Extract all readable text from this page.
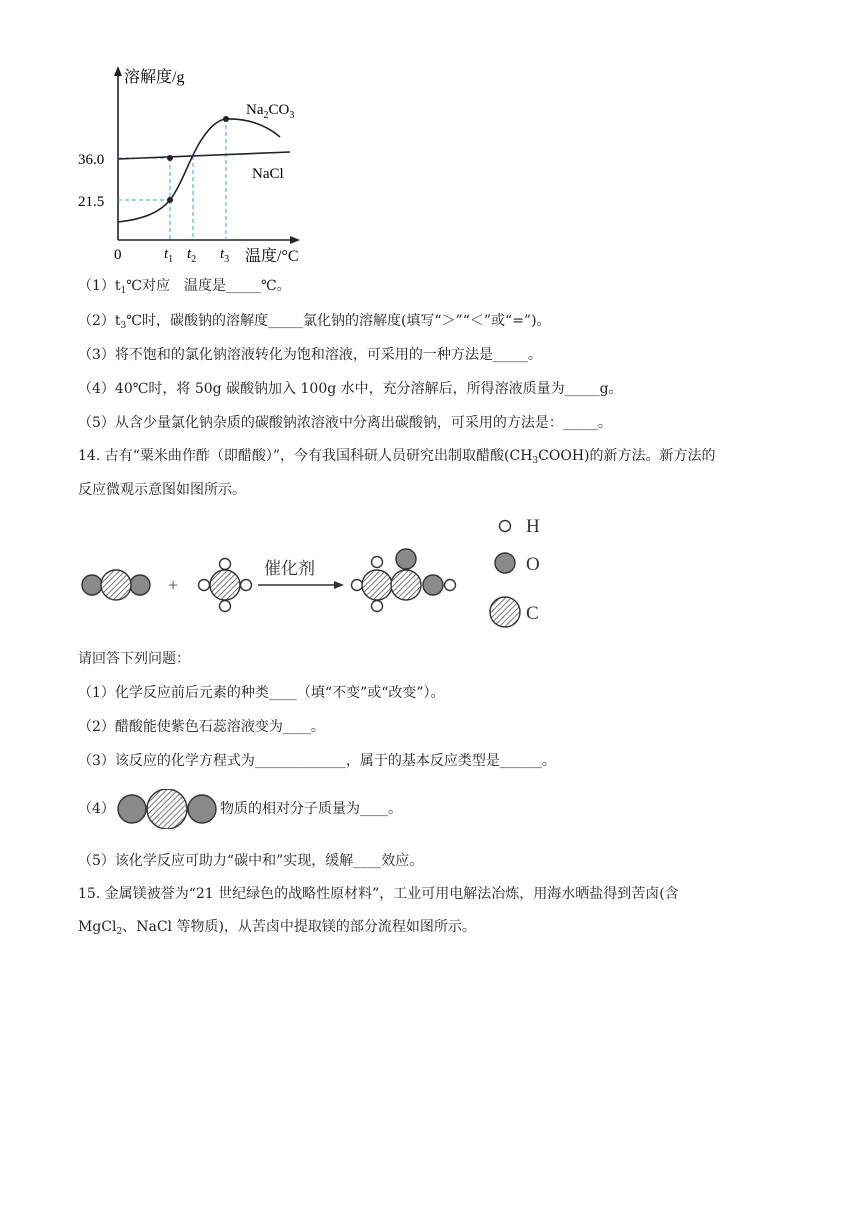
溶解度/g
温度/°C
0
36.0
21.5
$t_1$ $t_2$ $t_3$
$Na_2CO_3$
NaCl
$(1)t_1℃$对应　温度是_____℃。
$(2)t_3℃$时，碳酸钠的溶解度_____氯化钠的溶解度(填写“＞”“＜”或“=”)。
（3）将不饱和的氯化钠溶液转化为饱和溶液，可采用的一种方法是_____。
（4）40℃时，将 50g 碳酸钠加入 100g 水中，充分溶解后，所得溶液质量为_____g。
（5）从含少量氯化钠杂质的碳酸钠浓溶液中分离出碳酸钠，可采用的方法是：_____。
14. 古有“粟米曲作酢（即醋酸）”，今有我国科研人员研究出制取醋酸$(CH_3COOH)$的新方法。新方法的
反应微观示意图如图所示。
+
催化剂
H
O
C
请回答下列问题：
（1）化学反应前后元素的种类____（填“不变”或“改变”）。
（2）醋酸能使紫色石蕊溶液变为____。
（3）该反应的化学方程式为_____________，属于的基本反应类型是______。
（4）	物质的相对分子质量为____。
（5）该化学反应可助力“碳中和”实现，缓解____效应。
15. 金属镁被誉为“21 世纪绿色的战略性原材料”，工业可用电解法冶炼，用海水晒盐得到苦卤(含
MgCl$_2$、NaCl 等物质)，从苦卤中提取镁的部分流程如图所示。
